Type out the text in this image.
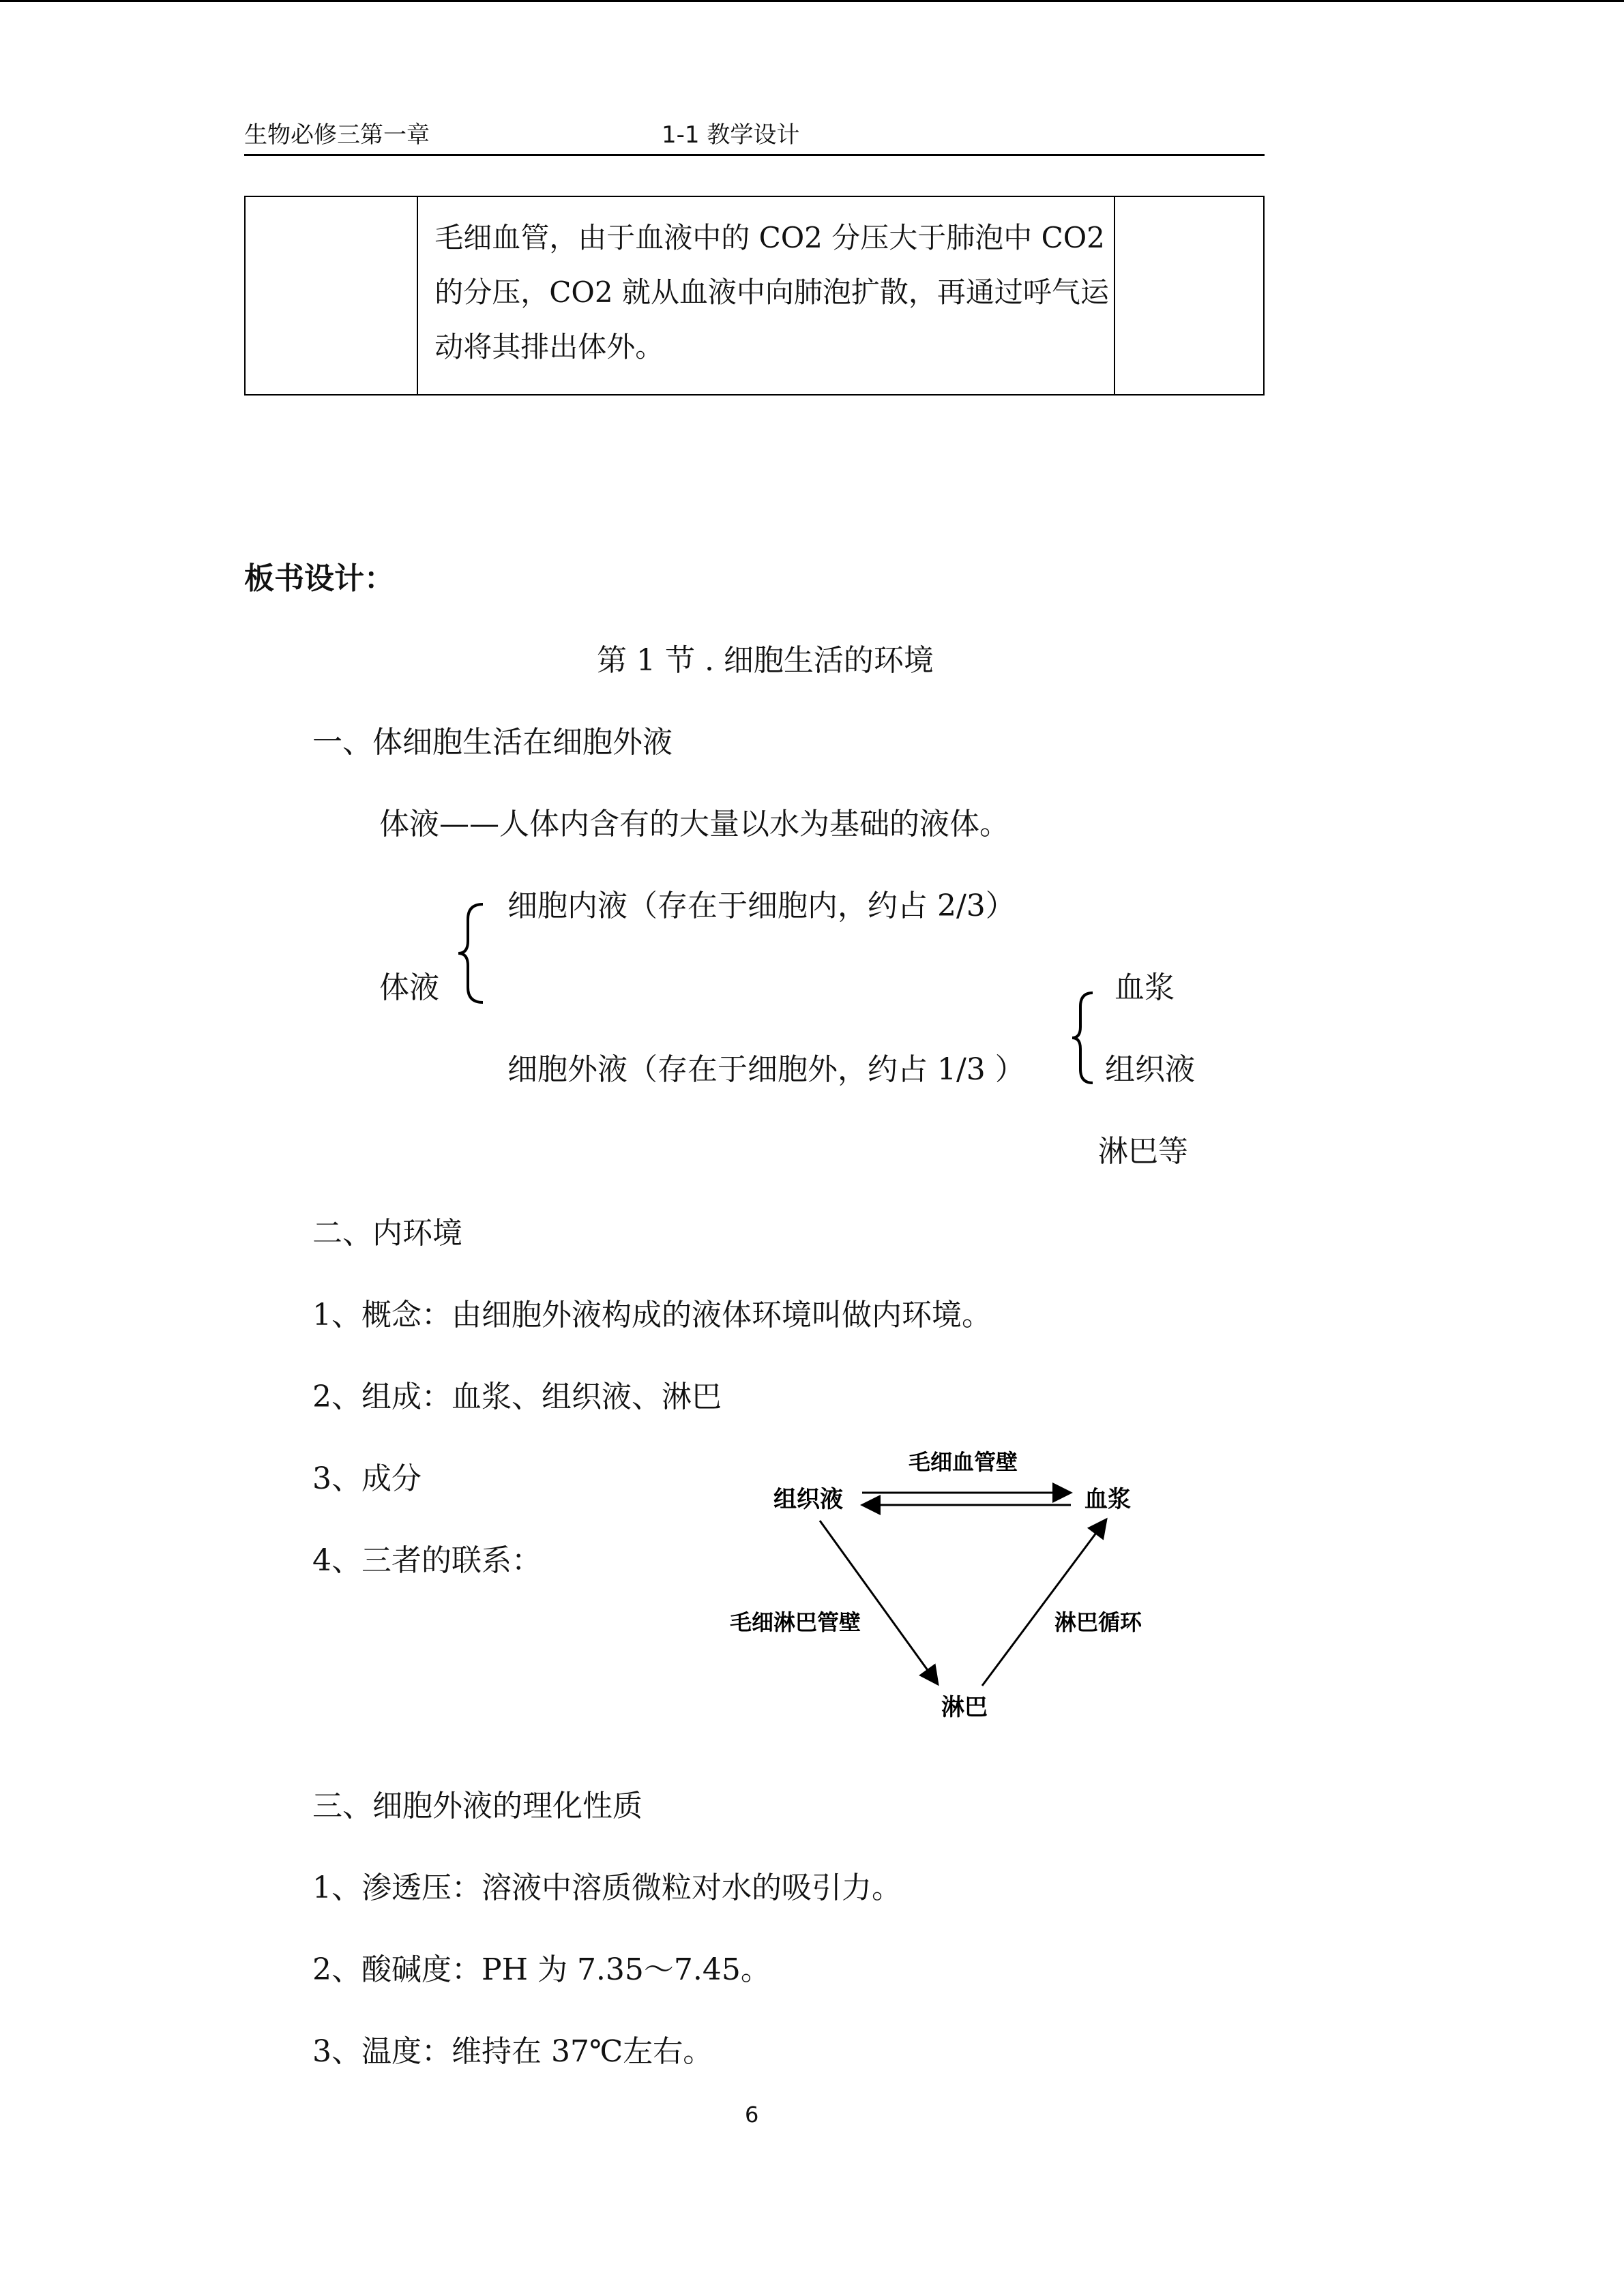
生物必修三第一章	1-1 教学设计

毛细血管，由于血液中的 CO2 分压大于肺泡中 CO2 的分压，CO2 就从血液中向肺泡扩散，再通过呼气运动将其排出体外。

板书设计：
第 1 节 . 细胞生活的环境
一、体细胞生活在细胞外液
体液——人体内含有的大量以水为基础的液体。
细胞内液（存在于细胞内，约占 2/3）
体液
细胞外液（存在于细胞外，约占 1/3 ）
血浆
组织液
淋巴等
二、内环境
1、概念：由细胞外液构成的液体环境叫做内环境。
2、组成：血浆、组织液、淋巴
3、成分
4、三者的联系：
毛细血管壁
组织液	血浆
毛细淋巴管壁	淋巴循环
淋巴
三、细胞外液的理化性质
1、渗透压：溶液中溶质微粒对水的吸引力。
2、酸碱度：PH 为 7.35～7.45。
3、温度：维持在 37℃左右。
6
